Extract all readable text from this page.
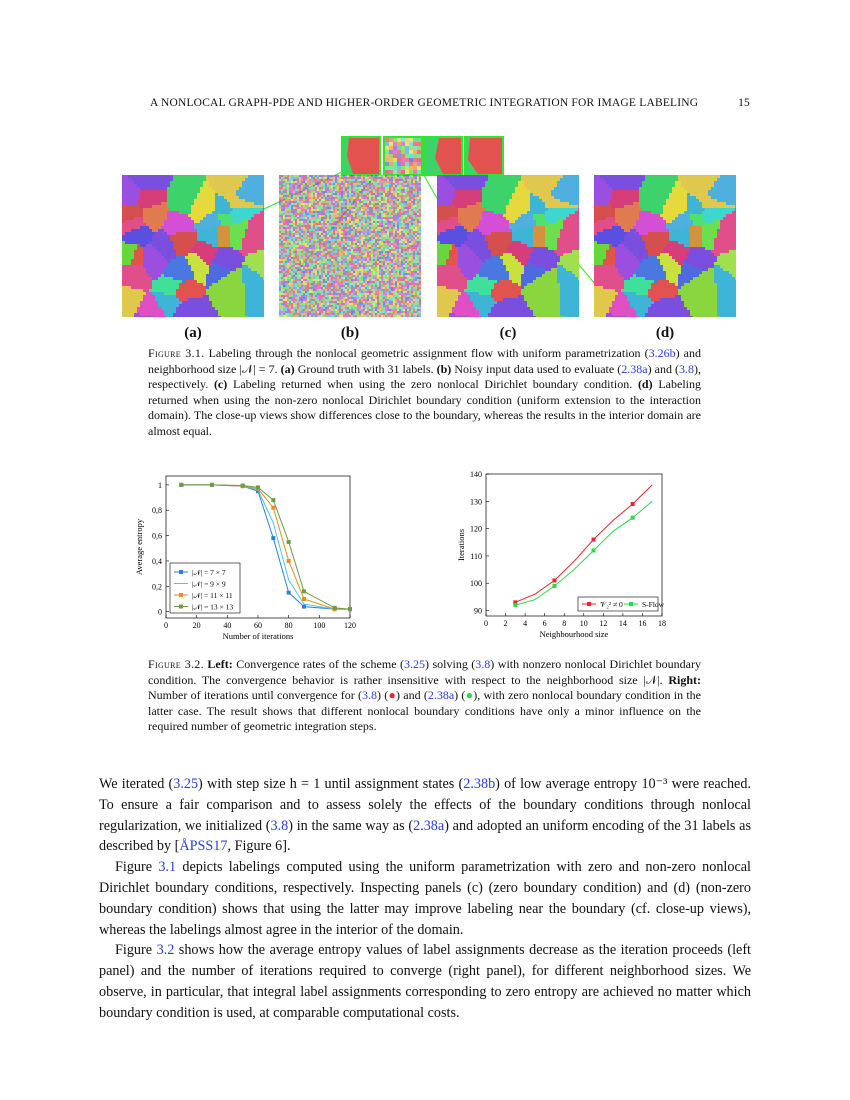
A NONLOCAL GRAPH-PDE AND HIGHER-ORDER GEOMETRIC INTEGRATION FOR IMAGE LABELING	15
(a)	(b)	(c)	(d)
Figure 3.1. Labeling through the nonlocal geometric assignment flow with uniform parametrization (3.26b) and neighborhood size |𝒩| = 7. (a) Ground truth with 31 labels. (b) Noisy input data used to evaluate (2.38a) and (3.8), respectively. (c) Labeling returned when using the zero nonlocal Dirichlet boundary condition. (d) Labeling returned when using the non-zero nonlocal Dirichlet boundary condition (uniform extension to the interaction domain). The close-up views show differences close to the boundary, whereas the results in the interior domain are almost equal.
0	20	40	60	80	100 120
0
0,2
0,4
0,6
0,8
1
Number of iterations
Average entropy	|𝒩| = 7 × 7
|𝒩| = 9 × 9
|𝒩| = 11 × 11
|𝒩| = 13 × 13
0 2 4 6 8 10 12 14 16 18
90
100
110
120
130
140
Neighbourhood size
Iterations
𝒱₂² ≠ 0	S-Flow
Figure 3.2. Left: Convergence rates of the scheme (3.25) solving (3.8) with nonzero nonlocal Dirichlet boundary condition. The convergence behavior is rather insensitive with respect to the neighborhood size |𝒩|. Right: Number of iterations until convergence for (3.8) (●) and (2.38a) (●), with zero nonlocal boundary condition in the latter case. The result shows that different nonlocal boundary conditions have only a minor influence on the required number of geometric integration steps.

We iterated (3.25) with step size h = 1 until assignment states (2.38b) of low average entropy 10⁻³ were reached. To ensure a fair comparison and to assess solely the effects of the boundary conditions through nonlocal regularization, we initialized (3.8) in the same way as (2.38a) and adopted an uniform encoding of the 31 labels as described by [ÅPSS17, Figure 6].

Figure 3.1 depicts labelings computed using the uniform parametrization with zero and non-zero nonlocal Dirichlet boundary conditions, respectively. Inspecting panels (c) (zero boundary condition) and (d) (non-zero boundary condition) shows that using the latter may improve labeling near the boundary (cf. close-up views), whereas the labelings almost agree in the interior of the domain.

Figure 3.2 shows how the average entropy values of label assignments decrease as the iteration proceeds (left panel) and the number of iterations required to converge (right panel), for different neighborhood sizes. We observe, in particular, that integral label assignments corresponding to zero entropy are achieved no matter which boundary condition is used, at comparable computational costs.
